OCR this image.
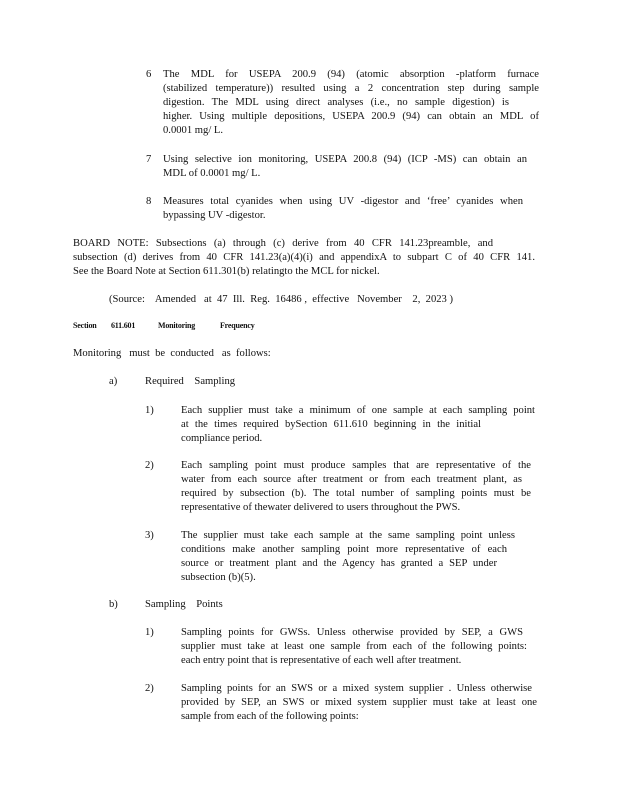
6 The MDL for USEPA 200.9 (94) (atomic absorption -platform furnace
(stabilized temperature)) resulted using a 2 concentration step during sample
digestion. The MDL using direct analyses (i.e., no sample digestion) is
higher. Using multiple depositions, USEPA 200.9 (94) can obtain an MDL of
0.0001 mg/ L.
7 Using selective ion monitoring, USEPA 200.8 (94) (ICP -MS) can obtain an
MDL of 0.0001 mg/ L.
8 Measures total cyanides when using UV -digestor and ‘free’ cyanides when
bypassing UV -digestor.
BOARD NOTE: Subsections (a) through (c) derive from 40 CFR 141.23preamble, and
subsection (d) derives from 40 CFR 141.23(a)(4)(i) and appendixA to subpart C of 40 CFR 141.
See the Board Note at Section 611.301(b) relatingto the MCL for nickel.
(Source:    Amended   at  47  Ill.  Reg.  16486 ,  effective   November    2,  2023 )
Section 611.601	Monitoring	Frequency
Monitoring   must  be  conducted   as  follows:
a)	Required    Sampling
1)	Each supplier must take a minimum of one sample at each sampling point
at the times required bySection 611.610 beginning in the initial
compliance period.
2)	Each sampling point must produce samples that are representative of the
water from each source after treatment or from each treatment plant, as
required by subsection (b). The total number of sampling points must be
representative of thewater delivered to users throughout the PWS.
3)	The supplier must take each sample at the same sampling point unless
conditions make another sampling point more representative of each
source or treatment plant and the Agency has granted a SEP under
subsection (b)(5).
b)	Sampling    Points
1)	Sampling points for GWSs. Unless otherwise provided by SEP, a GWS
supplier must take at least one sample from each of the following points:
each entry point that is representative of each well after treatment.
2)	Sampling points for an SWS or a mixed system supplier . Unless otherwise
provided by SEP, an SWS or mixed system supplier must take at least one
sample from each of the following points:
